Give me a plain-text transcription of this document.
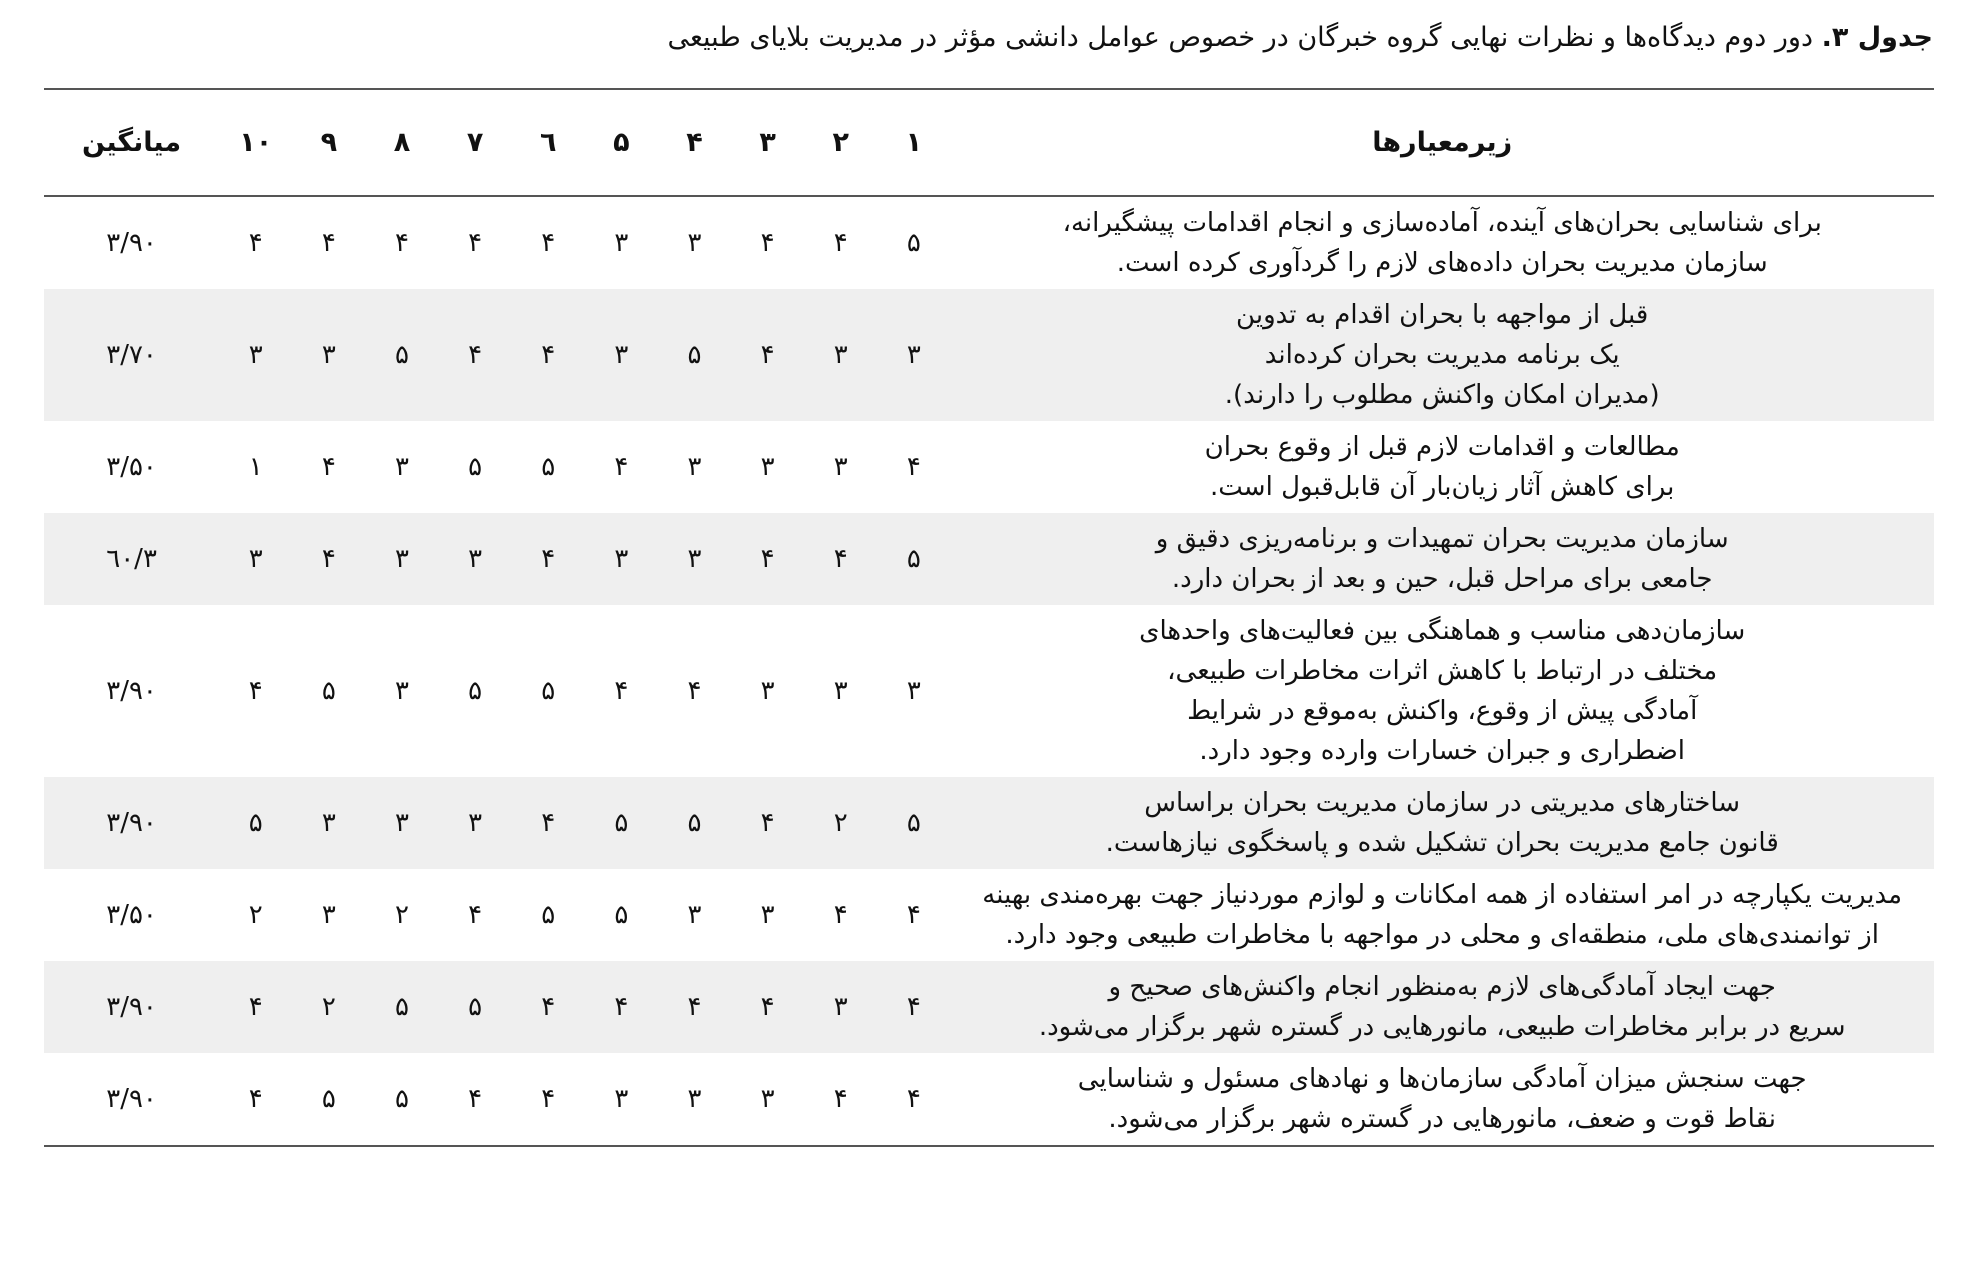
جدول ۳. دور دوم دیدگاه‌ها و نظرات نهایی گروه خبرگان در خصوص عوامل دانشی مؤثر در مدیریت بلایای طبیعی
زیرمعیارها	۱	۲	۳	۴	۵	٦	۷	۸	۹	۱۰	میانگین
برای شناسایی بحران‌های آینده، آماده‌سازی و انجام اقدامات پیشگیرانه،
سازمان مدیریت بحران داده‌های لازم را گردآوری کرده است.	۵	۴	۴	۳	۳	۴	۴	۴	۴	۴	۳/۹۰
قبل از مواجهه با بحران اقدام به تدوین
یک برنامه مدیریت بحران کرده‌اند
(مدیران امکان واکنش مطلوب را دارند).	۳	۳	۴	۵	۳	۴	۴	۵	۳	۳	۳/۷۰
مطالعات و اقدامات لازم قبل از وقوع بحران
برای کاهش آثار زیان‌بار آن قابل‌قبول است.	۴	۳	۳	۳	۴	۵	۵	۳	۴	۱	۳/۵۰
سازمان مدیریت بحران تمهیدات و برنامه‌ریزی دقیق و
جامعی برای مراحل قبل، حین و بعد از بحران دارد.	۵	۴	۴	۳	۳	۴	۳	۳	۴	۳	۳/٦۰
سازمان‌دهی مناسب و هماهنگی بین فعالیت‌های واحدهای
مختلف در ارتباط با کاهش اثرات مخاطرات طبیعی،
آمادگی پیش از وقوع، واکنش به‌موقع در شرایط
اضطراری و جبران خسارات وارده وجود دارد.	۳	۳	۳	۴	۴	۵	۵	۳	۵	۴	۳/۹۰
ساختارهای مدیریتی در سازمان مدیریت بحران براساس
قانون جامع مدیریت بحران تشکیل شده و پاسخگوی نیازهاست.	۵	۲	۴	۵	۵	۴	۳	۳	۳	۵	۳/۹۰
مدیریت یکپارچه در امر استفاده از همه امکانات و لوازم موردنیاز جهت بهره‌مندی بهینه
از توانمندی‌های ملی، منطقه‌ای و محلی در مواجهه با مخاطرات طبیعی وجود دارد.	۴	۴	۳	۳	۵	۵	۴	۲	۳	۲	۳/۵۰
جهت ایجاد آمادگی‌های لازم به‌منظور انجام واکنش‌های صحیح و
سریع در برابر مخاطرات طبیعی، مانورهایی در گستره شهر برگزار می‌شود.	۴	۳	۴	۴	۴	۴	۵	۵	۲	۴	۳/۹۰
جهت سنجش میزان آمادگی سازمان‌ها و نهادهای مسئول و شناسایی
نقاط قوت و ضعف، مانورهایی در گستره شهر برگزار می‌شود.	۴	۴	۳	۳	۳	۴	۴	۵	۵	۴	۳/۹۰
